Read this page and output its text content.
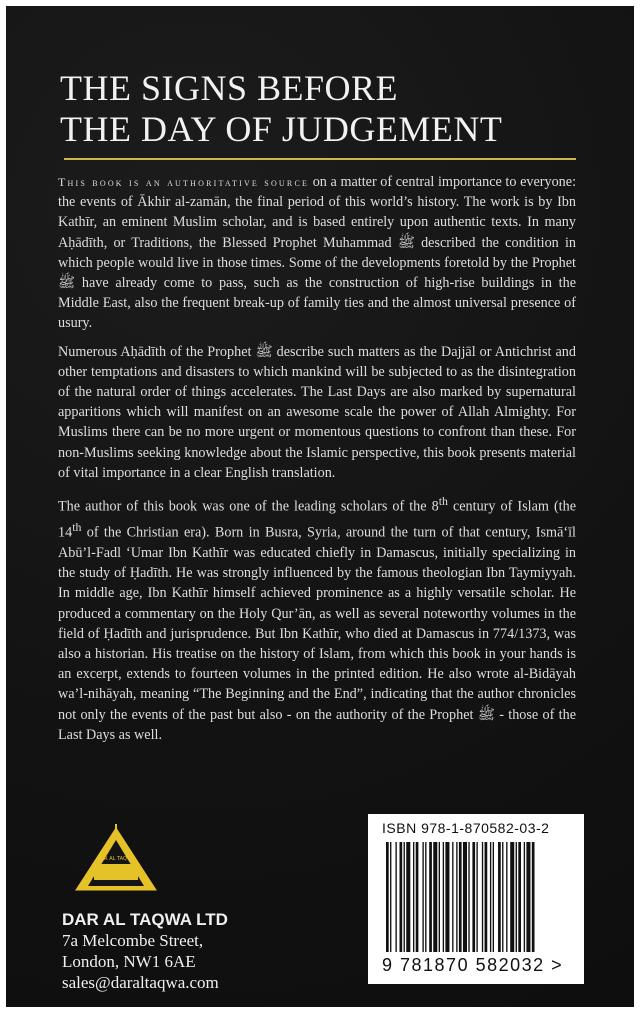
THE SIGNS BEFORE
THE DAY OF JUDGEMENT

This book is an authoritative source on a matter of central importance to everyone: the events of Ākhir al-zamān, the final period of this world’s history. The work is by Ibn Kathīr, an eminent Muslim scholar, and is based entirely upon authentic texts. In many Aḥādīth, or Traditions, the Blessed Prophet Muhammad ﷺ described the condition in which people would live in those times. Some of the developments foretold by the Prophet ﷺ have already come to pass, such as the construction of high-rise buildings in the Middle East, also the frequent break-up of family ties and the almost universal presence of usury.

Numerous Aḥādīth of the Prophet ﷺ describe such matters as the Dajjāl or Antichrist and other temptations and disasters to which mankind will be subjected to as the disintegration of the natural order of things accelerates. The Last Days are also marked by supernatural apparitions which will manifest on an awesome scale the power of Allah Almighty. For Muslims there can be no more urgent or momentous questions to confront than these. For non-Muslims seeking knowledge about the Islamic perspective, this book presents material of vital importance in a clear English translation.

The author of this book was one of the leading scholars of the 8th century of Islam (the 14th of the Christian era). Born in Busra, Syria, around the turn of that century, Ismā‘īl Abū’l-Fadl ‘Umar Ibn Kathīr was educated chiefly in Damascus, initially specializing in the study of Ḥadīth. He was strongly influenced by the famous theologian Ibn Taymiyyah. In middle age, Ibn Kathīr himself achieved prominence as a highly versatile scholar. He produced a commentary on the Holy Qur’ān, as well as several noteworthy volumes in the field of Ḥadīth and jurisprudence. But Ibn Kathīr, who died at Damascus in 774/1373, was also a historian. His treatise on the history of Islam, from which this book in your hands is an excerpt, extends to fourteen volumes in the printed edition. He also wrote al-Bidāyah wa’l-nihāyah, meaning “The Beginning and the End”, indicating that the author chronicles not only the events of the past but also - on the authority of the Prophet ﷺ - those of the Last Days as well.

DAR AL TAQWA
DAR AL TAQWA LTD
7a Melcombe Street,
London, NW1 6AE
sales@daraltaqwa.com
ISBN 978-1-870582-03-2
9 781870 582032 >
